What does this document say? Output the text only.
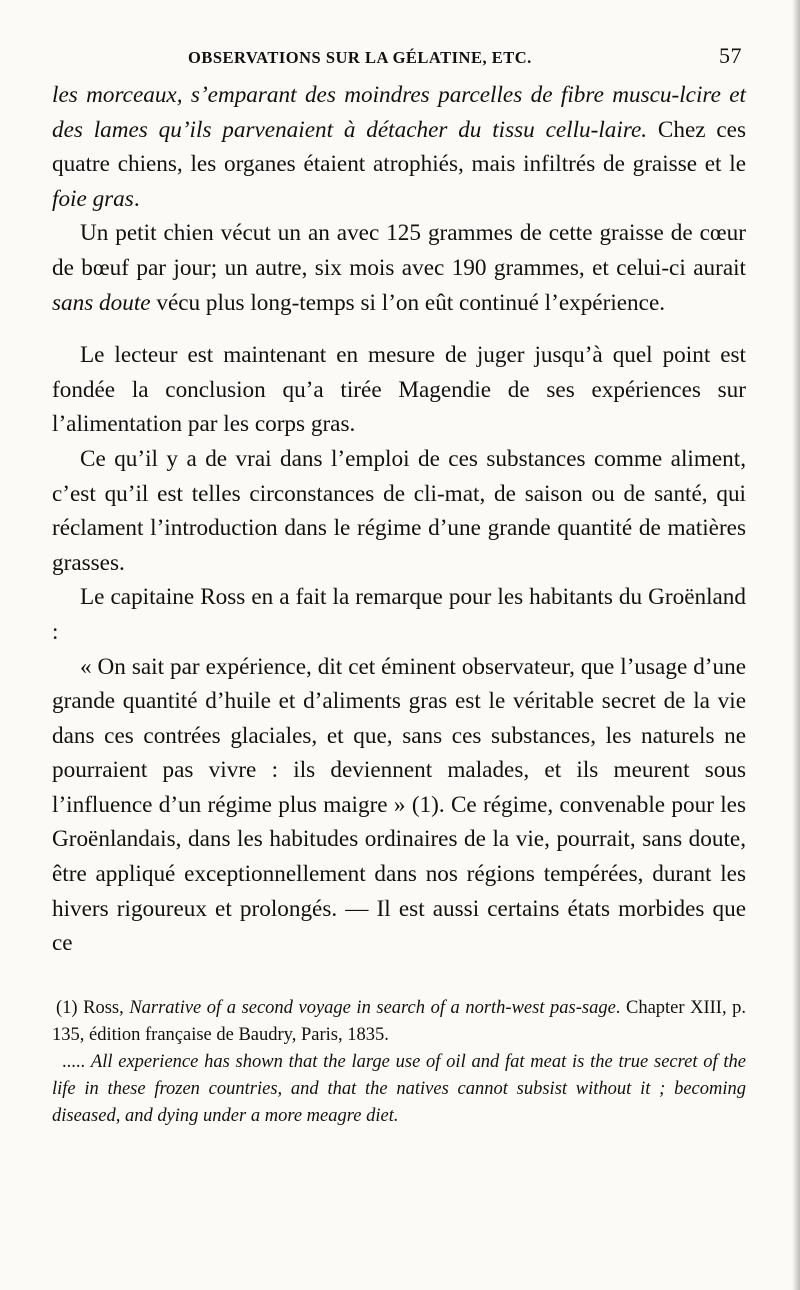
OBSERVATIONS SUR LA GÉLATINE, ETC.	57

les morceaux, s’emparant des moindres parcelles de fibre muscu-lcire et des lames qu’ils parvenaient à détacher du tissu cellu-laire. Chez ces quatre chiens, les organes étaient atrophiés, mais infiltrés de graisse et le foie gras.

Un petit chien vécut un an avec 125 grammes de cette graisse de cœur de bœuf par jour; un autre, six mois avec 190 grammes, et celui-ci aurait sans doute vécu plus long-temps si l’on eût continué l’expérience.

Le lecteur est maintenant en mesure de juger jusqu’à quel point est fondée la conclusion qu’a tirée Magendie de ses expériences sur l’alimentation par les corps gras.

Ce qu’il y a de vrai dans l’emploi de ces substances comme aliment, c’est qu’il est telles circonstances de cli-mat, de saison ou de santé, qui réclament l’introduction dans le régime d’une grande quantité de matières grasses.

Le capitaine Ross en a fait la remarque pour les habitants du Groënland :

« On sait par expérience, dit cet éminent observateur, que l’usage d’une grande quantité d’huile et d’aliments gras est le véritable secret de la vie dans ces contrées glaciales, et que, sans ces substances, les naturels ne pourraient pas vivre : ils deviennent malades, et ils meurent sous l’influence d’un régime plus maigre » (1). Ce régime, convenable pour les Groënlandais, dans les habitudes ordinaires de la vie, pourrait, sans doute, être appliqué exceptionnellement dans nos régions tempérées, durant les hivers rigoureux et prolongés. — Il est aussi certains états morbides que ce

(1) Ross, Narrative of a second voyage in search of a north-west pas-sage. Chapter XIII, p. 135, édition française de Baudry, Paris, 1835.

..... All experience has shown that the large use of oil and fat meat is the true secret of the life in these frozen countries, and that the natives cannot subsist without it ; becoming diseased, and dying under a more meagre diet.
